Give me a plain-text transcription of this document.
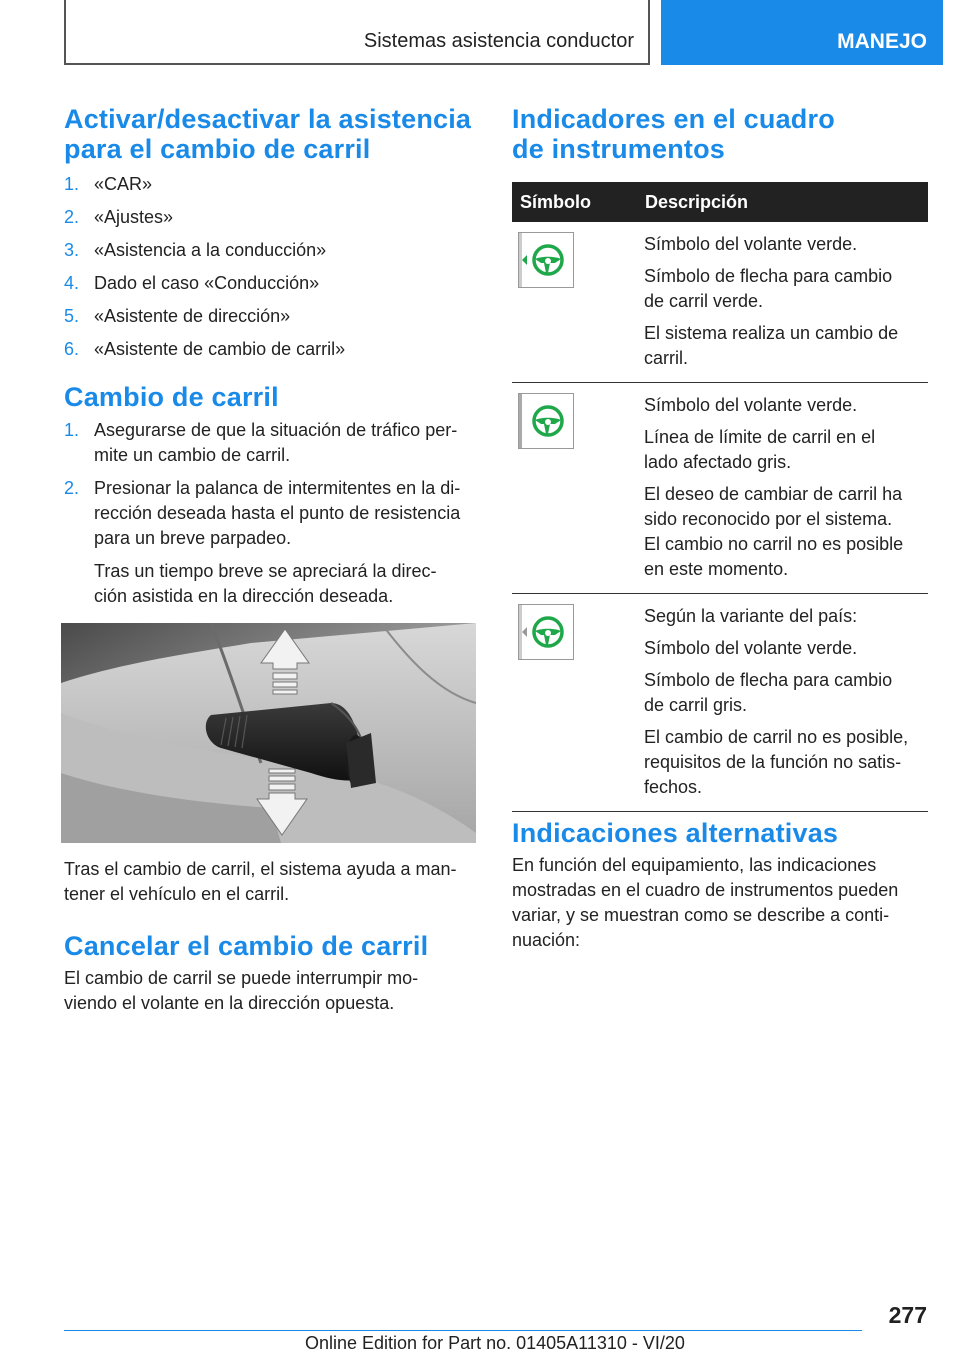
Sistemas asistencia conductor	MANEJO
Activar/desactivar la asistencia
para el cambio de carril
1. «CAR»

2. «Ajustes»

3. «Asistencia a la conducción»

4. Dado el caso «Conducción»

5. «Asistente de dirección»

6. «Asistente de cambio de carril»

Cambio de carril
1. Asegurarse de que la situación de tráfico per-
mite un cambio de carril.

2. Presionar la palanca de intermitentes en la di-
rección deseada hasta el punto de resistencia
para un breve parpadeo.

Tras un tiempo breve se apreciará la direc-
ción asistida en la dirección deseada.

Tras el cambio de carril, el sistema ayuda a man-
tener el vehículo en el carril.

Cancelar el cambio de carril

El cambio de carril se puede interrumpir mo-
viendo el volante en la dirección opuesta.

Indicadores en el cuadro
de instrumentos
Símbolo	Descripción

Símbolo del volante verde.

Símbolo de flecha para cambio
de carril verde.

El sistema realiza un cambio de
carril.

Símbolo del volante verde.

Línea de límite de carril en el
lado afectado gris.

El deseo de cambiar de carril ha
sido reconocido por el sistema.
El cambio no carril no es posible
en este momento.

Según la variante del país:

Símbolo del volante verde.

Símbolo de flecha para cambio
de carril gris.

El cambio de carril no es posible,
requisitos de la función no satis-
fechos.

Indicaciones alternativas

En función del equipamiento, las indicaciones
mostradas en el cuadro de instrumentos pueden
variar, y se muestran como se describe a conti-
nuación:

277
Online Edition for Part no. 01405A11310 - VI/20
